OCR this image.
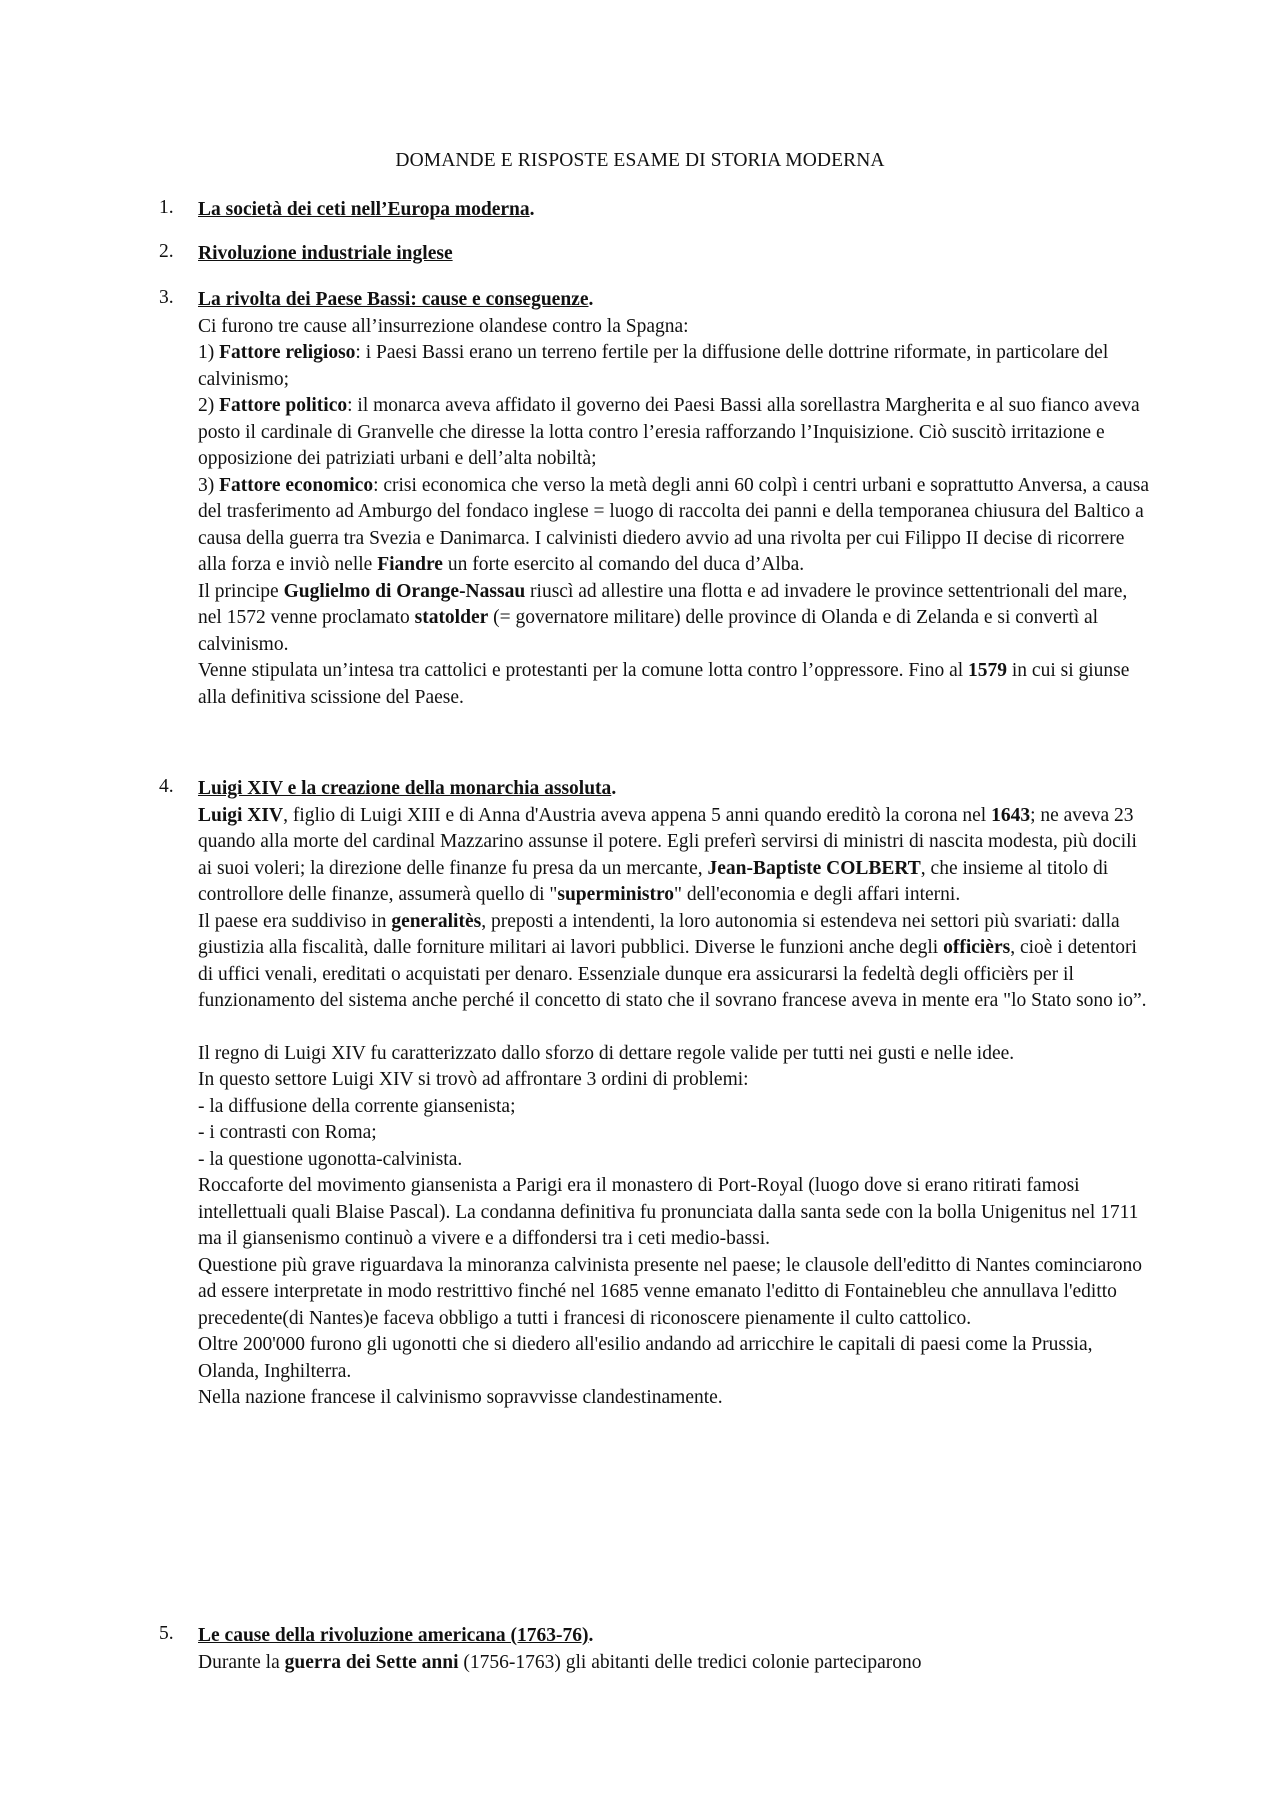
DOMANDE E RISPOSTE ESAME DI STORIA MODERNA
1. La società dei ceti nell’Europa moderna.
2. Rivoluzione industriale inglese
3. La rivolta dei Paese Bassi: cause e conseguenze.

Ci furono tre cause all’insurrezione olandese contro la Spagna:

1) Fattore religioso: i Paesi Bassi erano un terreno fertile per la diffusione delle dottrine riformate, in particolare del calvinismo;

2) Fattore politico: il monarca aveva affidato il governo dei Paesi Bassi alla sorellastra Margherita e al suo fianco aveva posto il cardinale di Granvelle che diresse la lotta contro l’eresia rafforzando l’Inquisizione. Ciò suscitò irritazione e opposizione dei patriziati urbani e dell’alta nobiltà;

3) Fattore economico: crisi economica che verso la metà degli anni 60 colpì i centri urbani e soprattutto Anversa, a causa del trasferimento ad Amburgo del fondaco inglese = luogo di raccolta dei panni e della temporanea chiusura del Baltico a causa della guerra tra Svezia e Danimarca. I calvinisti diedero avvio ad una rivolta per cui Filippo II decise di ricorrere alla forza e inviò nelle Fiandre un forte esercito al comando del duca d’Alba.

Il principe Guglielmo di Orange-Nassau riuscì ad allestire una flotta e ad invadere le province settentrionali del mare, nel 1572 venne proclamato statolder (= governatore militare) delle province di Olanda e di Zelanda e si convertì al calvinismo.

Venne stipulata un’intesa tra cattolici e protestanti per la comune lotta contro l’oppressore. Fino al 1579 in cui si giunse alla definitiva scissione del Paese.

4. Luigi XIV e la creazione della monarchia assoluta.

Luigi XIV, figlio di Luigi XIII e di Anna d'Austria aveva appena 5 anni quando ereditò la corona nel 1643; ne aveva 23 quando alla morte del cardinal Mazzarino assunse il potere. Egli preferì servirsi di ministri di nascita modesta, più docili ai suoi voleri; la direzione delle finanze fu presa da un mercante, Jean-Baptiste COLBERT, che insieme al titolo di controllore delle finanze, assumerà quello di "superministro" dell'economia e degli affari interni.

Il paese era suddiviso in generalitès, preposti a intendenti, la loro autonomia si estendeva nei settori più svariati: dalla giustizia alla fiscalità, dalle forniture militari ai lavori pubblici. Diverse le funzioni anche degli officièrs, cioè i detentori di uffici venali, ereditati o acquistati per denaro. Essenziale dunque era assicurarsi la fedeltà degli officièrs per il funzionamento del sistema anche perché il concetto di stato che il sovrano francese aveva in mente era "lo Stato sono io”.

Il regno di Luigi XIV fu caratterizzato dallo sforzo di dettare regole valide per tutti nei gusti e nelle idee.

In questo settore Luigi XIV si trovò ad affrontare 3 ordini di problemi:

- la diffusione della corrente giansenista;

- i contrasti con Roma;

- la questione ugonotta-calvinista.

Roccaforte del movimento giansenista a Parigi era il monastero di Port-Royal (luogo dove si erano ritirati famosi intellettuali quali Blaise Pascal). La condanna definitiva fu pronunciata dalla santa sede con la bolla Unigenitus nel 1711 ma il giansenismo continuò a vivere e a diffondersi tra i ceti medio-bassi.

Questione più grave riguardava la minoranza calvinista presente nel paese; le clausole dell'editto di Nantes cominciarono ad essere interpretate in modo restrittivo finché nel 1685 venne emanato l'editto di Fontainebleu che annullava l'editto precedente(di Nantes)e faceva obbligo a tutti i francesi di riconoscere pienamente il culto cattolico.

Oltre 200'000 furono gli ugonotti che si diedero all'esilio andando ad arricchire le capitali di paesi come la Prussia, Olanda, Inghilterra.

Nella nazione francese il calvinismo sopravvisse clandestinamente.

5. Le cause della rivoluzione americana (1763-76).

Durante la guerra dei Sette anni (1756-1763) gli abitanti delle tredici colonie parteciparono
